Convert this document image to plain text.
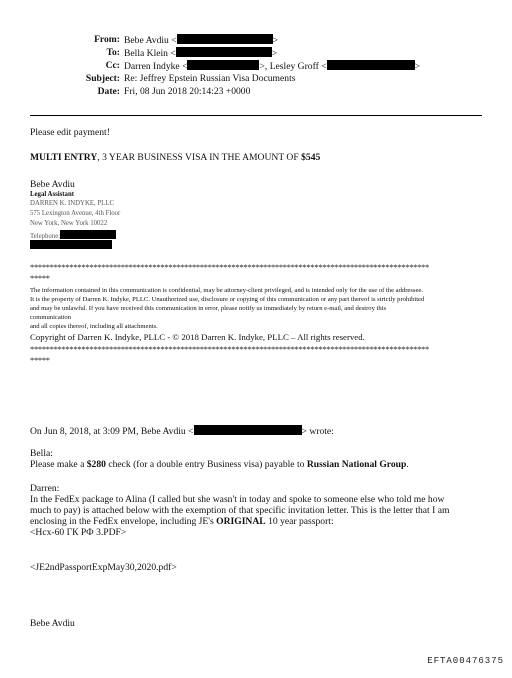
From: Bebe Avdiu <	>
To: Bella Klein <	>
Cc: Darren Indyke <	>, Lesley Groff <	>
Subject: Re: Jeffrey Epstein Russian Visa Documents
Date: Fri, 08 Jun 2018 20:14:23 +0000
Please edit payment!
MULTI ENTRY, 3 YEAR BUSINESS VISA IN THE AMOUNT OF $545
Bebe Avdiu
Legal Assistant
DARREN K. INDYKE, PLLC
575 Lexington Avenue, 4th Floor
New York, New York 10022
Telephone:
*****************************************************************************************************
*****
The information contained in this communication is confidential, may be attorney-client privileged, and is intended only for the use of the addressee.
It is the property of Darren K. Indyke, PLLC. Unauthorized use, disclosure or copying of this communication or any part thereof is strictly prohibited
and may be unlawful. If you have received this communication in error, please notify us immediately by return e-mail, and destroy this
communication
and all copies thereof, including all attachments.
Copyright of Darren K. Indyke, PLLC - © 2018 Darren K. Indyke, PLLC – All rights reserved.
*****************************************************************************************************
*****
On Jun 8, 2018, at 3:09 PM, Bebe Avdiu <	> wrote:
Bella:
Please make a $280 check (for a double entry Business visa) payable to Russian National Group.
Darren:
In the FedEx package to Alina (I called but she wasn't in today and spoke to someone else who told me how
much to pay) is attached below with the exemption of that specific invitation letter. This is the letter that I am
enclosing in the FedEx envelope, including JE's ORIGINAL 10 year passport:
<Hcx-60 ГК РФ 3.PDF>
<JE2ndPassportExpMay30,2020.pdf>
Bebe Avdiu
EFTA00476375
